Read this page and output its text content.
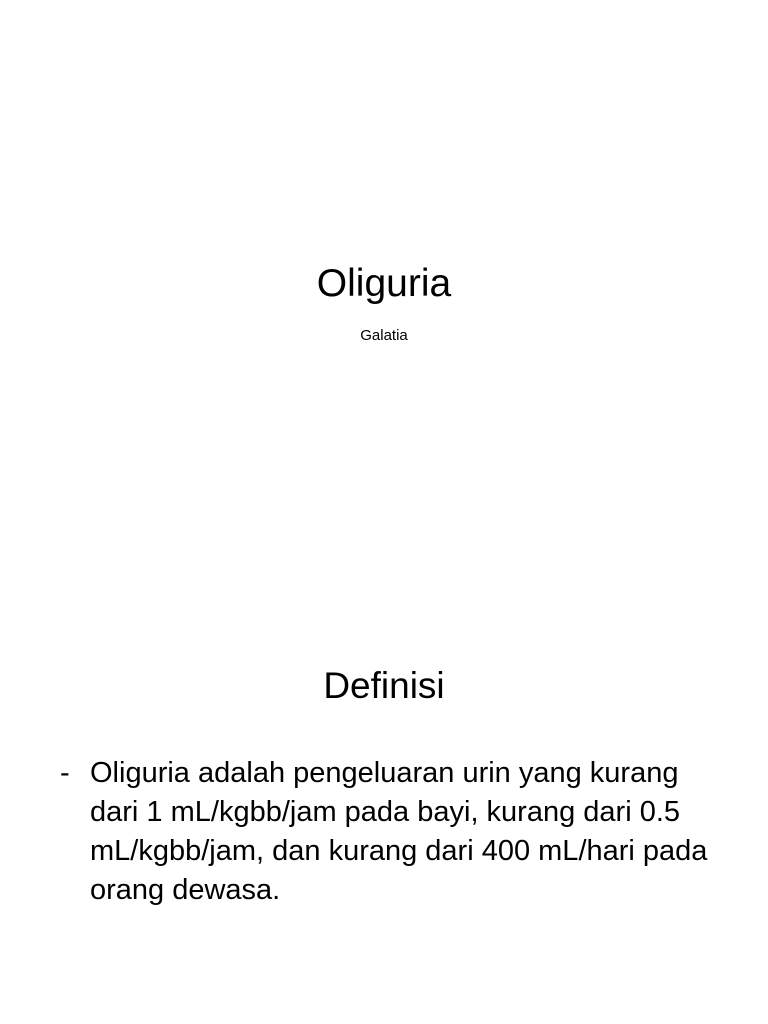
Oliguria
Galatia
Definisi
- Oliguria adalah pengeluaran urin yang kurang dari 1 mL/kgbb/jam pada bayi, kurang dari 0.5 mL/kgbb/jam, dan kurang dari 400 mL/hari pada orang dewasa.
